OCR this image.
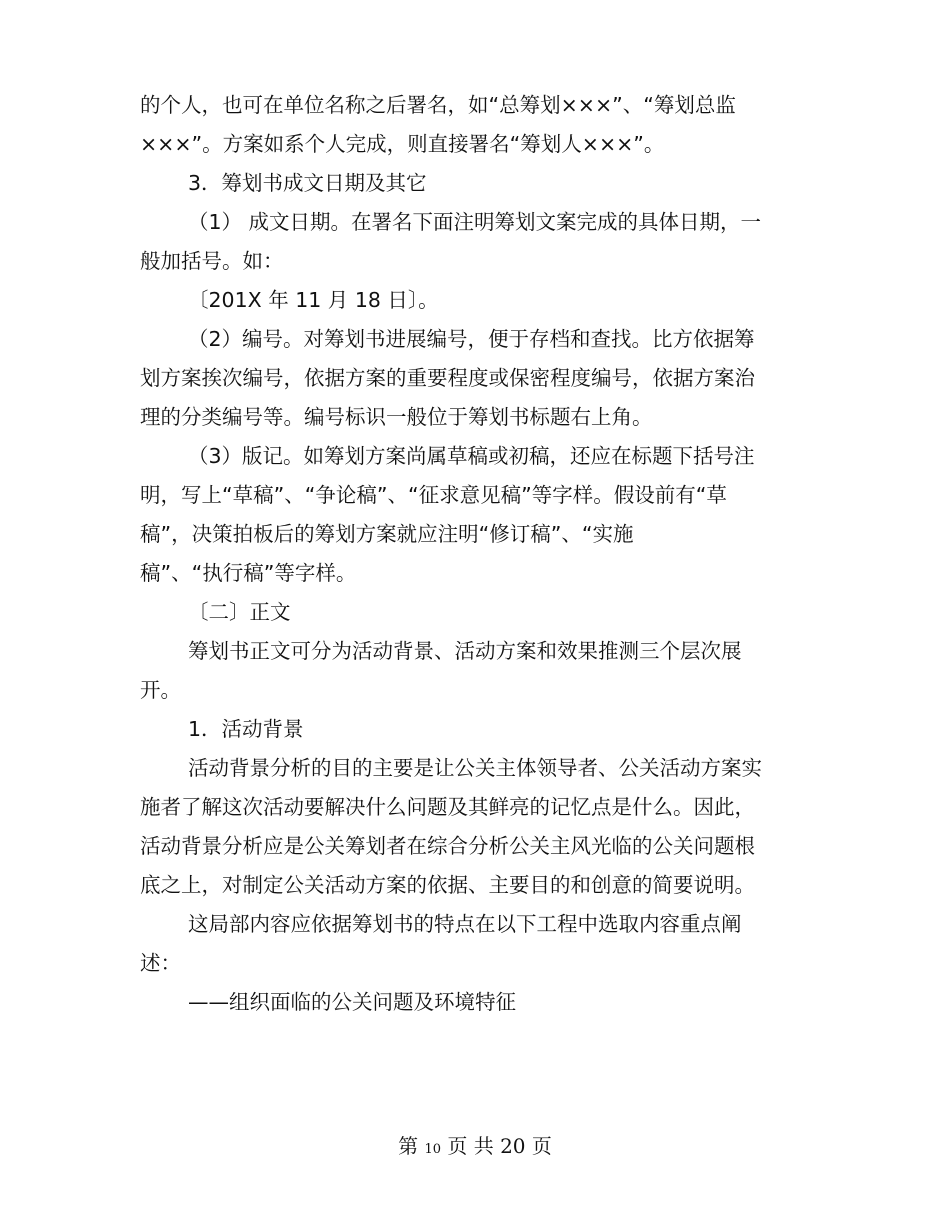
的个人，也可在单位名称之后署名，如“总筹划×××”、“筹划总监
×××”。方案如系个人完成，则直接署名“筹划人×××”。
3．筹划书成文日期及其它
（1） 成文日期。在署名下面注明筹划文案完成的具体日期，一
般加括号。如：
〔201X 年 11 月 18 日〕。
（2）编号。对筹划书进展编号，便于存档和查找。比方依据筹
划方案挨次编号，依据方案的重要程度或保密程度编号，依据方案治
理的分类编号等。编号标识一般位于筹划书标题右上角。
（3）版记。如筹划方案尚属草稿或初稿，还应在标题下括号注
明，写上“草稿”、“争论稿”、“征求意见稿”等字样。假设前有“草
稿”，决策拍板后的筹划方案就应注明“修订稿”、“实施
稿”、“执行稿”等字样。
〔二〕正文
筹划书正文可分为活动背景、活动方案和效果推测三个层次展
开。
1．活动背景
活动背景分析的目的主要是让公关主体领导者、公关活动方案实
施者了解这次活动要解决什么问题及其鲜亮的记忆点是什么。因此，
活动背景分析应是公关筹划者在综合分析公关主风光临的公关问题根
底之上，对制定公关活动方案的依据、主要目的和创意的简要说明。
这局部内容应依据筹划书的特点在以下工程中选取内容重点阐
述：
——组织面临的公关问题及环境特征
第 10 页 共 20 页
